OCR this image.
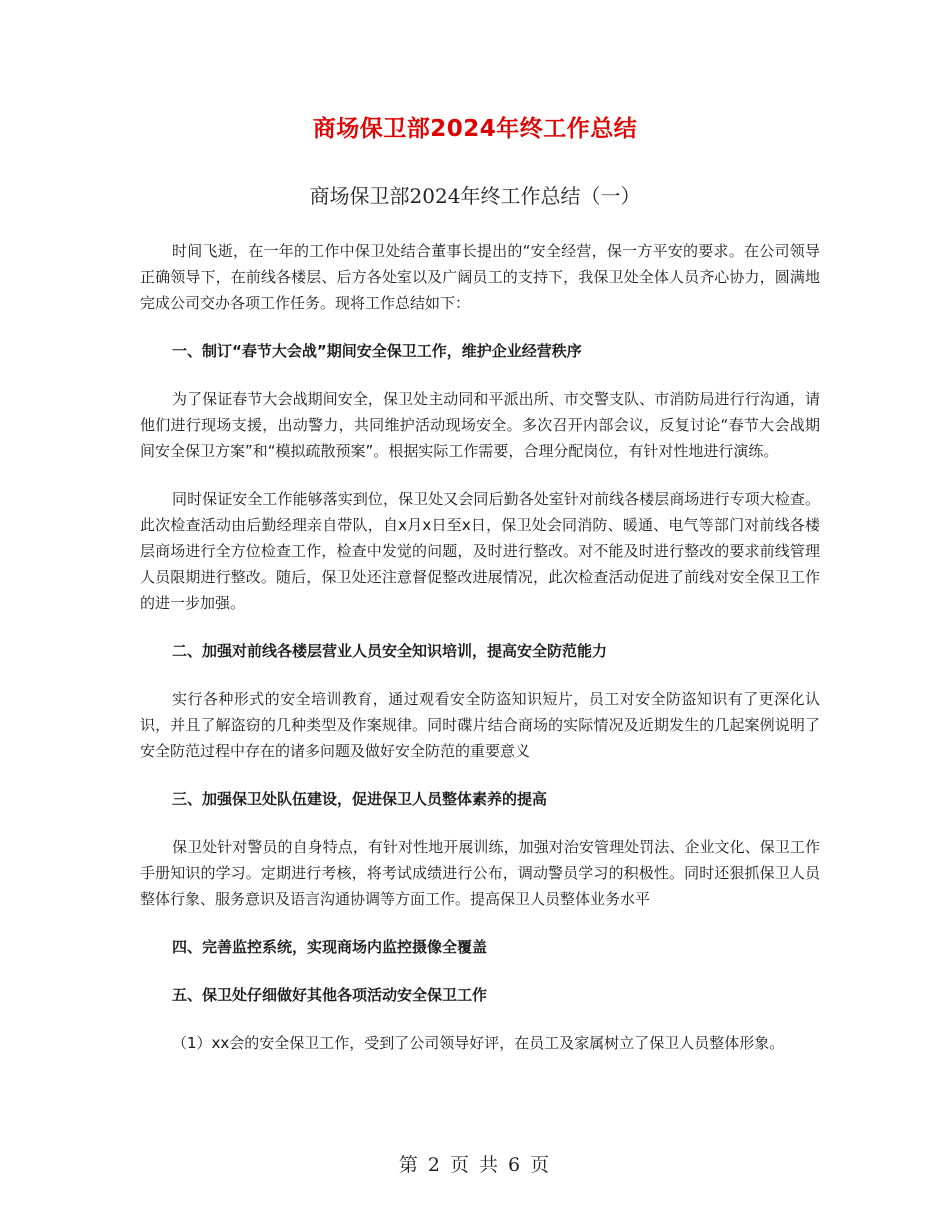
商场保卫部2024年终工作总结
商场保卫部2024年终工作总结（一）

时间飞逝，在一年的工作中保卫处结合董事长提出的“安全经营，保一方平安的要求。在公司领导正确领导下，在前线各楼层、后方各处室以及广阔员工的支持下，我保卫处全体人员齐心协力，圆满地完成公司交办各项工作任务。现将工作总结如下：

一、制订“春节大会战”期间安全保卫工作，维护企业经营秩序

为了保证春节大会战期间安全，保卫处主动同和平派出所、市交警支队、市消防局进行行沟通，请他们进行现场支援，出动警力，共同维护活动现场安全。多次召开内部会议，反复讨论“春节大会战期间安全保卫方案”和“模拟疏散预案”。根据实际工作需要，合理分配岗位，有针对性地进行演练。

同时保证安全工作能够落实到位，保卫处又会同后勤各处室针对前线各楼层商场进行专项大检查。此次检查活动由后勤经理亲自带队，自x月x日至x日，保卫处会同消防、暖通、电气等部门对前线各楼层商场进行全方位检查工作，检查中发觉的问题，及时进行整改。对不能及时进行整改的要求前线管理人员限期进行整改。随后，保卫处还注意督促整改进展情况，此次检查活动促进了前线对安全保卫工作的进一步加强。

二、加强对前线各楼层营业人员安全知识培训，提高安全防范能力

实行各种形式的安全培训教育，通过观看安全防盗知识短片，员工对安全防盗知识有了更深化认识，并且了解盗窃的几种类型及作案规律。同时碟片结合商场的实际情况及近期发生的几起案例说明了安全防范过程中存在的诸多问题及做好安全防范的重要意义

三、加强保卫处队伍建设，促进保卫人员整体素养的提高

保卫处针对警员的自身特点，有针对性地开展训练，加强对治安管理处罚法、企业文化、保卫工作手册知识的学习。定期进行考核，将考试成绩进行公布，调动警员学习的积极性。同时还狠抓保卫人员整体行象、服务意识及语言沟通协调等方面工作。提高保卫人员整体业务水平

四、完善监控系统，实现商场内监控摄像全覆盖

五、保卫处仔细做好其他各项活动安全保卫工作

（1）xx会的安全保卫工作，受到了公司领导好评，在员工及家属树立了保卫人员整体形象。

第 2 页 共 6 页
